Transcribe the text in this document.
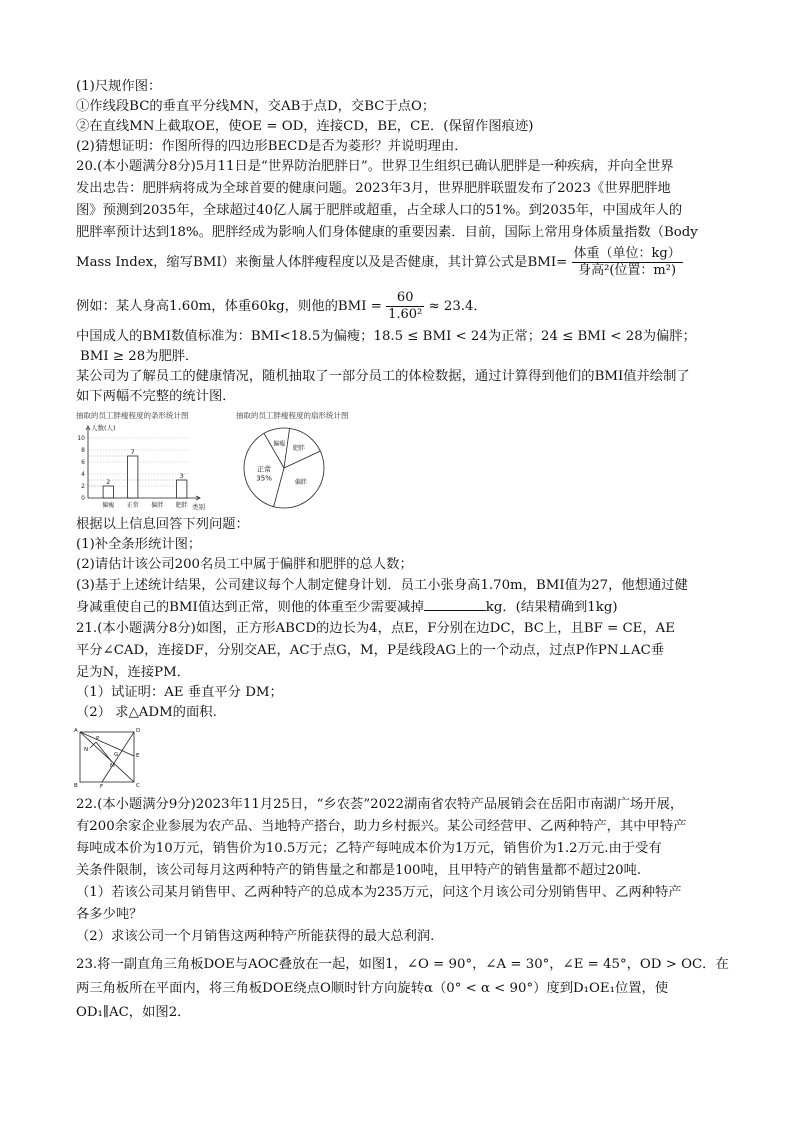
(1)尺规作图：
①作线段BC的垂直平分线MN，交AB于点D，交BC于点O；
②在直线MN上截取OE，使OE = OD，连接CD，BE，CE．(保留作图痕迹)
(2)猜想证明：作图所得的四边形BECD是否为菱形？并说明理由．
20.(本小题满分8分)5月11日是“世界防治肥胖日”。世界卫生组织已确认肥胖是一种疾病，并向全世界
发出忠告：肥胖病将成为全球首要的健康问题。2023年3月，世界肥胖联盟发布了2023《世界肥胖地
图》预测到2035年，全球超过40亿人属于肥胖或超重，占全球人口的51%。到2035年，中国成年人的
肥胖率预计达到18%。肥胖经成为影响人们身体健康的重要因素．目前，国际上常用身体质量指数（Body
Mass Index，缩写BMI）来衡量人体胖瘦程度以及是否健康，其计算公式是$BMI= \frac{\text{体重（单位：kg）}}{\text{身高²(位置：m²)}}$
例如：某人身高1.60m，体重60kg，则他的BMI = $\frac{60}{\text{1.60²}} \approx 23.4$．
中国成人的BMI数值标准为：BMI<18.5为偏瘦；18.5 ≤ BMI < 24为正常；24 ≤ BMI < 28为偏胖；
BMI ≥ 28为肥胖．
某公司为了解员工的健康情况，随机抽取了一部分员工的体检数据，通过计算得到他们的BMI值并绘制了
如下两幅不完整的统计图．
抽取的员工胖瘦程度的条形统计图
人数(人)
类别
0
2
4
6
8
10
偏瘦
2
正常
7
偏胖 肥胖
3
抽取的员工胖瘦程度的扇形统计图
偏瘦
肥胖
偏胖
正常
35%
根据以上信息回答下列问题：
(1)补全条形统计图；
(2)请估计该公司200名员工中属于偏胖和肥胖的总人数；
(3)基于上述统计结果，公司建议每个人制定健身计划．员工小张身高1.70m，BMI值为27，他想通过健
身减重使自己的BMI值达到正常，则他的体重至少需要减掉	kg．(结果精确到1kg)
21.(本小题满分8分)如图，正方形ABCD的边长为4，点E，F分别在边DC，BC上，且BF = CE，AE
平分∠CAD，连接DF，分别交AE，AC于点G，M，P是线段AG上的一个动点，过点P作PN⊥AC垂
足为N，连接PM．
（1）试证明：AE 垂直平分 DM；
（2） 求△ADM的面积.
A	D
B	C
E
F
P
N
G
M
22.(本小题满分9分)2023年11月25日，“乡农荟”2022湖南省农特产品展销会在岳阳市南湖广场开展，
有200余家企业参展为农产品、当地特产搭台，助力乡村振兴。某公司经营甲、乙两种特产，其中甲特产
每吨成本价为10万元，销售价为10.5万元；乙特产每吨成本价为1万元，销售价为1.2万元.由于受有
关条件限制，该公司每月这两种特产的销售量之和都是100吨，且甲特产的销售量都不超过20吨.
（1）若该公司某月销售甲、乙两种特产的总成本为235万元，问这个月该公司分别销售甲、乙两种特产
各多少吨？
（2）求该公司一个月销售这两种特产所能获得的最大总利润.
23.将一副直角三角板DOE与AOC叠放在一起，如图1，∠O = 90°，∠A = 30°，∠E = 45°，OD > OC．在
两三角板所在平面内，将三角板DOE绕点O顺时针方向旋转α（0° < α < 90°）度到D₁OE₁位置，使
OD₁∥AC，如图2．
